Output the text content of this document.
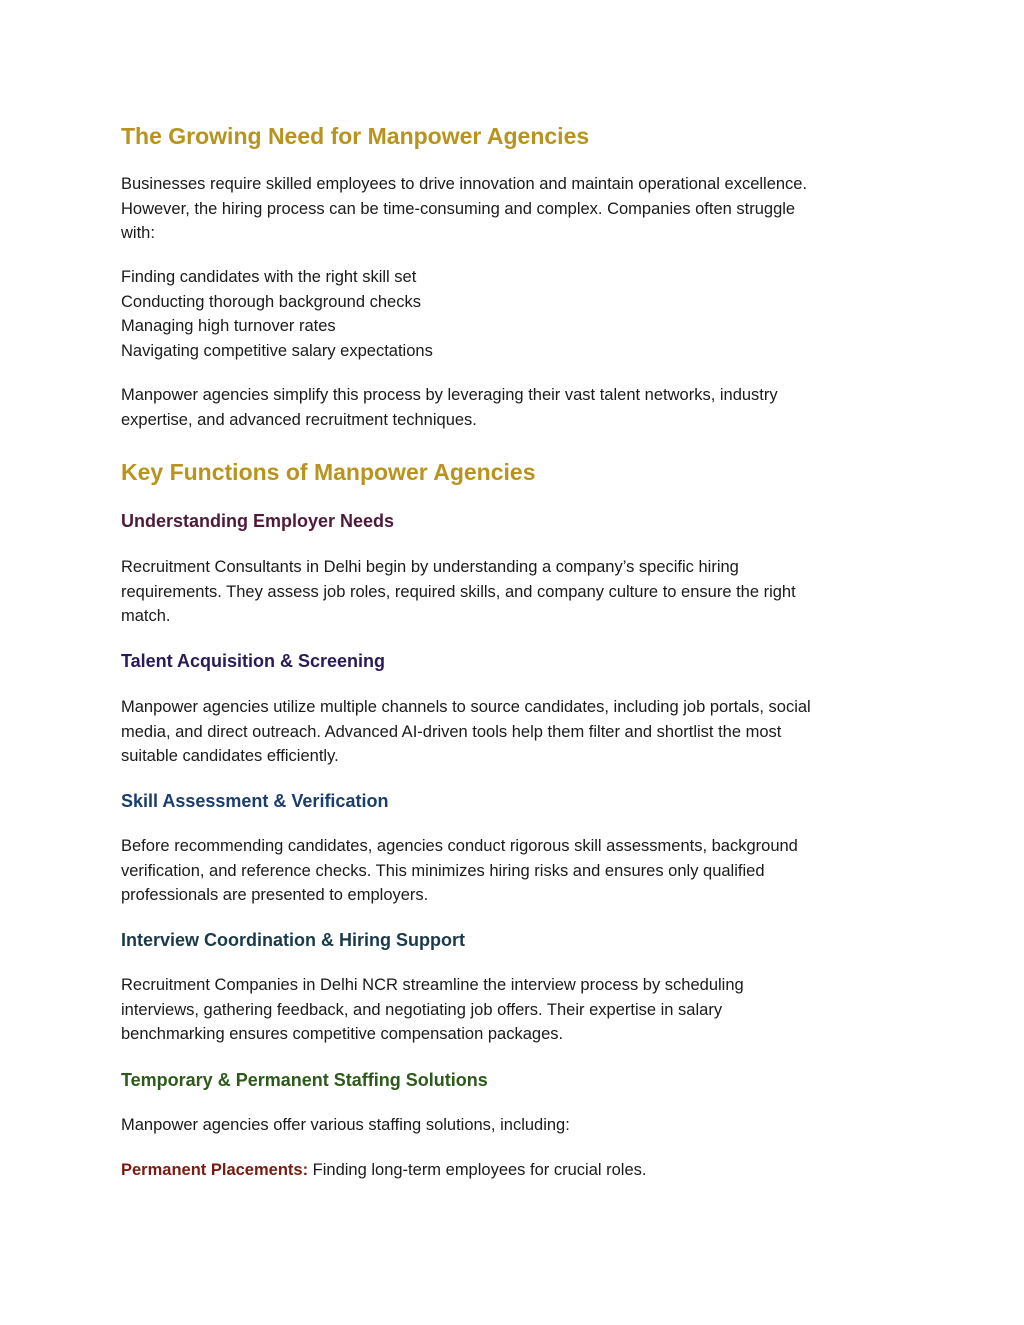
The Growing Need for Manpower Agencies
Businesses require skilled employees to drive innovation and maintain operational excellence.
However, the hiring process can be time-consuming and complex. Companies often struggle
with:
Finding candidates with the right skill set
Conducting thorough background checks
Managing high turnover rates
Navigating competitive salary expectations
Manpower agencies simplify this process by leveraging their vast talent networks, industry
expertise, and advanced recruitment techniques.
Key Functions of Manpower Agencies
Understanding Employer Needs
Recruitment Consultants in Delhi begin by understanding a company’s specific hiring
requirements. They assess job roles, required skills, and company culture to ensure the right
match.
Talent Acquisition & Screening
Manpower agencies utilize multiple channels to source candidates, including job portals, social
media, and direct outreach. Advanced AI-driven tools help them filter and shortlist the most
suitable candidates efficiently.
Skill Assessment & Verification
Before recommending candidates, agencies conduct rigorous skill assessments, background
verification, and reference checks. This minimizes hiring risks and ensures only qualified
professionals are presented to employers.
Interview Coordination & Hiring Support
Recruitment Companies in Delhi NCR streamline the interview process by scheduling
interviews, gathering feedback, and negotiating job offers. Their expertise in salary
benchmarking ensures competitive compensation packages.
Temporary & Permanent Staffing Solutions
Manpower agencies offer various staffing solutions, including:
Permanent Placements: Finding long-term employees for crucial roles.
